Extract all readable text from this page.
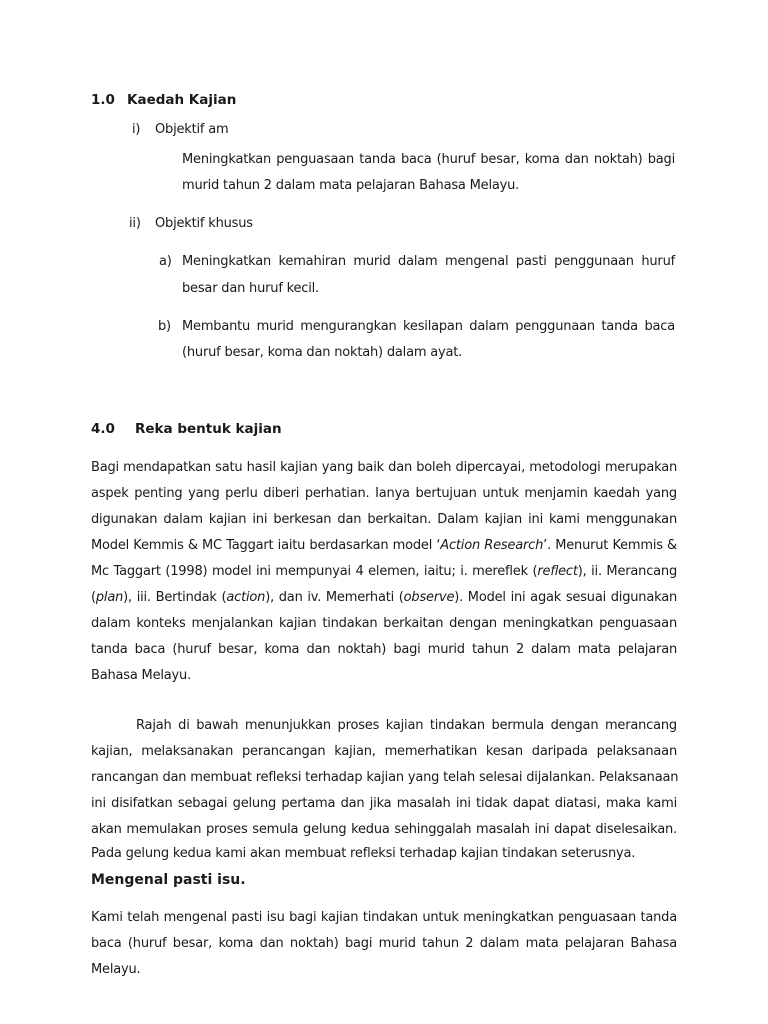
1.0 Kaedah Kajian
i) Objektif am
Meningkatkan penguasaan tanda baca (huruf besar, koma dan noktah) bagi
murid tahun 2 dalam mata pelajaran Bahasa Melayu.
ii) Objektif khusus
a) Meningkatkan kemahiran murid dalam mengenal pasti penggunaan huruf
besar dan huruf kecil.
b) Membantu murid mengurangkan kesilapan dalam penggunaan tanda baca
(huruf besar, koma dan noktah) dalam ayat.
4.0 Reka bentuk kajian
Bagi mendapatkan satu hasil kajian yang baik dan boleh dipercayai, metodologi merupakan
aspek penting yang perlu diberi perhatian. Ianya bertujuan untuk menjamin kaedah yang
digunakan dalam kajian ini berkesan dan berkaitan. Dalam kajian ini kami menggunakan
Model Kemmis & MC Taggart iaitu berdasarkan model ‘Action Research’. Menurut Kemmis &
Mc Taggart (1998) model ini mempunyai 4 elemen, iaitu; i. mereflek (reflect), ii. Merancang
(plan), iii. Bertindak (action), dan iv. Memerhati (observe). Model ini agak sesuai digunakan
dalam konteks menjalankan kajian tindakan berkaitan dengan meningkatkan penguasaan
tanda baca (huruf besar, koma dan noktah) bagi murid tahun 2 dalam mata pelajaran
Bahasa Melayu.
Rajah di bawah menunjukkan proses kajian tindakan bermula dengan merancang
kajian, melaksanakan perancangan kajian, memerhatikan kesan daripada pelaksanaan
rancangan dan membuat refleksi terhadap kajian yang telah selesai dijalankan. Pelaksanaan
ini disifatkan sebagai gelung pertama dan jika masalah ini tidak dapat diatasi, maka kami
akan memulakan proses semula gelung kedua sehinggalah masalah ini dapat diselesaikan.
Pada gelung kedua kami akan membuat refleksi terhadap kajian tindakan seterusnya.
Mengenal pasti isu.
Kami telah mengenal pasti isu bagi kajian tindakan untuk meningkatkan penguasaan tanda
baca (huruf besar, koma dan noktah) bagi murid tahun 2 dalam mata pelajaran Bahasa
Melayu.
